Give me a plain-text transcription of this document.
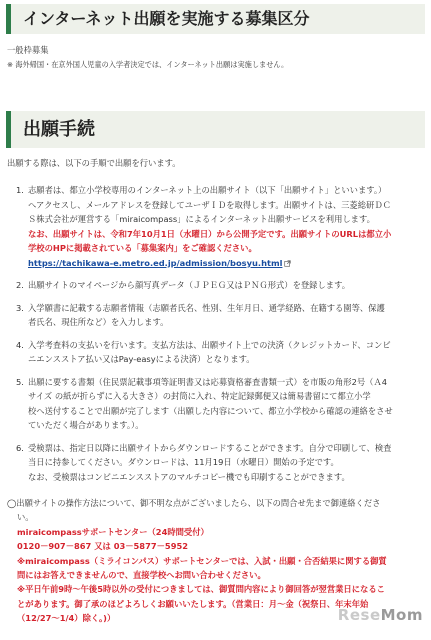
インターネット出願を実施する募集区分
一般枠募集
※ 海外帰国・在京外国人児童の入学者決定では、インターネット出願は実施しません。
出願手続
出願する際は、以下の手順で出願を行います。
1. 志願者は、都立小学校専用のインターネット上の出願サイト（以下「出願サイト」といいます。）
へアクセスし、メールアドレスを登録してユーザＩＤを取得します。出願サイトは、三菱総研ＤＣ
Ｓ株式会社が運営する「miraicompass」によるインターネット出願サービスを利用します。
なお、出願サイトは、令和7年10月1日（水曜日）から公開予定です。出願サイトのURLは都立小
学校のHPに掲載されている「募集案内」をご確認ください。
https://tachikawa-e.metro.ed.jp/admission/bosyu.html
2. 出願サイトのマイページから顔写真データ（ＪＰＥＧ又はＰＮＧ形式）を登録します。
3. 入学願書に記載する志願者情報（志願者氏名、性別、生年月日、通学経路、在籍する園等、保護
者氏名、現住所など）を入力します。
4. 入学考査料の支払いを行います。支払方法は、出願サイト上での決済（クレジットカード、コンビ
ニエンスストア払い又はPay-easyによる決済）となります。
5. 出願に要する書類（住民票記載事項等証明書又は応募資格審査書類一式）を市販の角形2号（Ａ4
サイズ の紙が折らずに入る大きさ）の封筒に入れ、特定記録郵便又は簡易書留にて都立小学
校へ送付することで出願が完了します（出願した内容について、都立小学校から確認の連絡をさせ
ていただく場合があります。）。
6. 受検票は、指定日以降に出願サイトからダウンロードすることができます。自分で印刷して、検査
当日に持参してください。ダウンロードは、11月19日（水曜日）開始の予定です。
なお、受検票はコンビニエンスストアのマルチコピー機でも印刷することができます。
◯出願サイトの操作方法について、御不明な点がございましたら、以下の問合せ先まで御連絡くださ
い。
miraicompassサポートセンター（24時間受付）
0120－907－867 又は 03－5877－5952
※miraicompass（ミライコンパス）サポートセンターでは、入試・出願・合否結果に関する御質
問にはお答えできませんので、直接学校へお問い合わせください。
※平日午前9時〜午後5時以外の受付につきましては、御質問内容により御回答が翌営業日になるこ
とがあります。御了承のほどよろしくお願いいたします。（営業日：月〜金（祝祭日、年末年始
（12/27〜1/4）除く。)）	ReseMom
